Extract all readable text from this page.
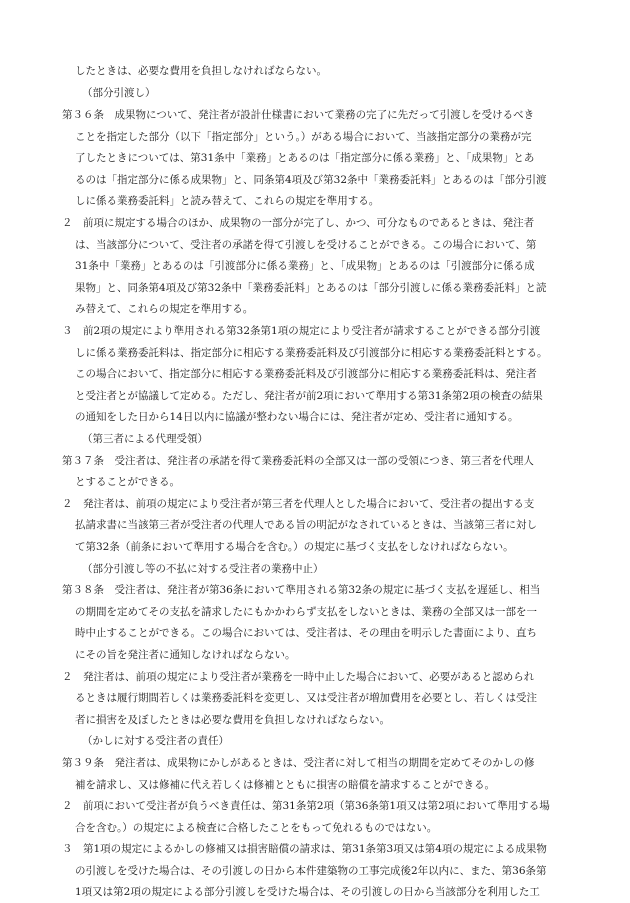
したときは、必要な費用を負担しなければならない。
（部分引渡し）
第３６条　成果物について、発注者が設計仕様書において業務の完了に先だって引渡しを受けるべき
ことを指定した部分（以下「指定部分」という。）がある場合において、当該指定部分の業務が完
了したときについては、第31条中「業務」とあるのは「指定部分に係る業務」と、「成果物」とあ
るのは「指定部分に係る成果物」と、同条第4項及び第32条中「業務委託料」とあるのは「部分引渡
しに係る業務委託料」と読み替えて、これらの規定を準用する。
２　前項に規定する場合のほか、成果物の一部分が完了し、かつ、可分なものであるときは、発注者
は、当該部分について、受注者の承諾を得て引渡しを受けることができる。この場合において、第
31条中「業務」とあるのは「引渡部分に係る業務」と、「成果物」とあるのは「引渡部分に係る成
果物」と、同条第4項及び第32条中「業務委託料」とあるのは「部分引渡しに係る業務委託料」と読
み替えて、これらの規定を準用する。
３　前2項の規定により準用される第32条第1項の規定により受注者が請求することができる部分引渡
しに係る業務委託料は、指定部分に相応する業務委託料及び引渡部分に相応する業務委託料とする。
この場合において、指定部分に相応する業務委託料及び引渡部分に相応する業務委託料は、発注者
と受注者とが協議して定める。ただし、発注者が前2項において準用する第31条第2項の検査の結果
の通知をした日から14日以内に協議が整わない場合には、発注者が定め、受注者に通知する。
（第三者による代理受領）
第３７条　受注者は、発注者の承諾を得て業務委託料の全部又は一部の受領につき、第三者を代理人
とすることができる。
２　発注者は、前項の規定により受注者が第三者を代理人とした場合において、受注者の提出する支
払請求書に当該第三者が受注者の代理人である旨の明記がなされているときは、当該第三者に対し
て第32条（前条において準用する場合を含む。）の規定に基づく支払をしなければならない。
（部分引渡し等の不払に対する受注者の業務中止）
第３８条　受注者は、発注者が第36条において準用される第32条の規定に基づく支払を遅延し、相当
の期間を定めてその支払を請求したにもかかわらず支払をしないときは、業務の全部又は一部を一
時中止することができる。この場合においては、受注者は、その理由を明示した書面により、直ち
にその旨を発注者に通知しなければならない。
２　発注者は、前項の規定により受注者が業務を一時中止した場合において、必要があると認められ
るときは履行期間若しくは業務委託料を変更し、又は受注者が増加費用を必要とし、若しくは受注
者に損害を及ぼしたときは必要な費用を負担しなければならない。
（かしに対する受注者の責任）
第３９条　発注者は、成果物にかしがあるときは、受注者に対して相当の期間を定めてそのかしの修
補を請求し、又は修補に代え若しくは修補とともに損害の賠償を請求することができる。
２　前項において受注者が負うべき責任は、第31条第2項（第36条第1項又は第2項において準用する場
合を含む。）の規定による検査に合格したことをもって免れるものではない。
３　第1項の規定によるかしの修補又は損害賠償の請求は、第31条第3項又は第4項の規定による成果物
の引渡しを受けた場合は、その引渡しの日から本件建築物の工事完成後2年以内に、また、第36条第
1項又は第2項の規定による部分引渡しを受けた場合は、その引渡しの日から当該部分を利用した工
